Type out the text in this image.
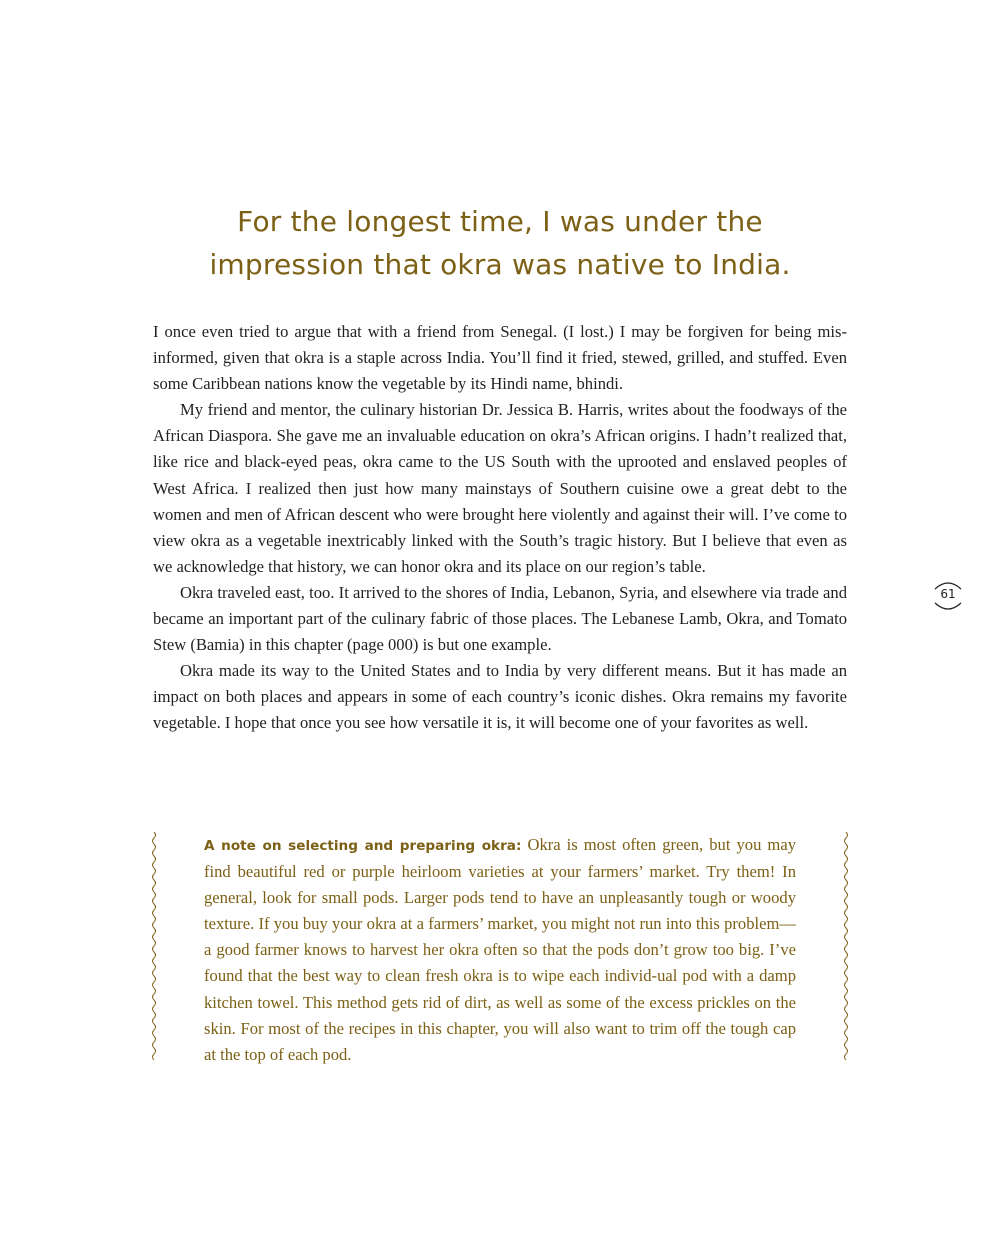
For the longest time, I was under the
impression that okra was native to India.

I once even tried to argue that with a friend from Senegal. (I lost.) I may be forgiven for being mis-informed, given that okra is a staple across India. You’ll find it fried, stewed, grilled, and stuffed. Even some Caribbean nations know the vegetable by its Hindi name, bhindi.

My friend and mentor, the culinary historian Dr. Jessica B. Harris, writes about the foodways of the African Diaspora. She gave me an invaluable education on okra’s African origins. I hadn’t realized that, like rice and black-eyed peas, okra came to the US South with the uprooted and enslaved peoples of West Africa. I realized then just how many mainstays of Southern cuisine owe a great debt to the women and men of African descent who were brought here violently and against their will. I’ve come to view okra as a vegetable inextricably linked with the South’s tragic history. But I believe that even as we acknowledge that history, we can honor okra and its place on our region’s table.

Okra traveled east, too. It arrived to the shores of India, Lebanon, Syria, and elsewhere via trade and became an important part of the culinary fabric of those places. The Lebanese Lamb, Okra, and Tomato Stew (Bamia) in this chapter (page 000) is but one example.

Okra made its way to the United States and to India by very different means. But it has made an impact on both places and appears in some of each country’s iconic dishes. Okra remains my favorite vegetable. I hope that once you see how versatile it is, it will become one of your favorites as well.

61

A note on selecting and preparing okra: Okra is most often green, but you may find beautiful red or purple heirloom varieties at your farmers’ market. Try them! In general, look for small pods. Larger pods tend to have an unpleasantly tough or woody texture. If you buy your okra at a farmers’ market, you might not run into this problem—a good farmer knows to harvest her okra often so that the pods don’t grow too big. I’ve found that the best way to clean fresh okra is to wipe each individ-ual pod with a damp kitchen towel. This method gets rid of dirt, as well as some of the excess prickles on the skin. For most of the recipes in this chapter, you will also want to trim off the tough cap at the top of each pod.
